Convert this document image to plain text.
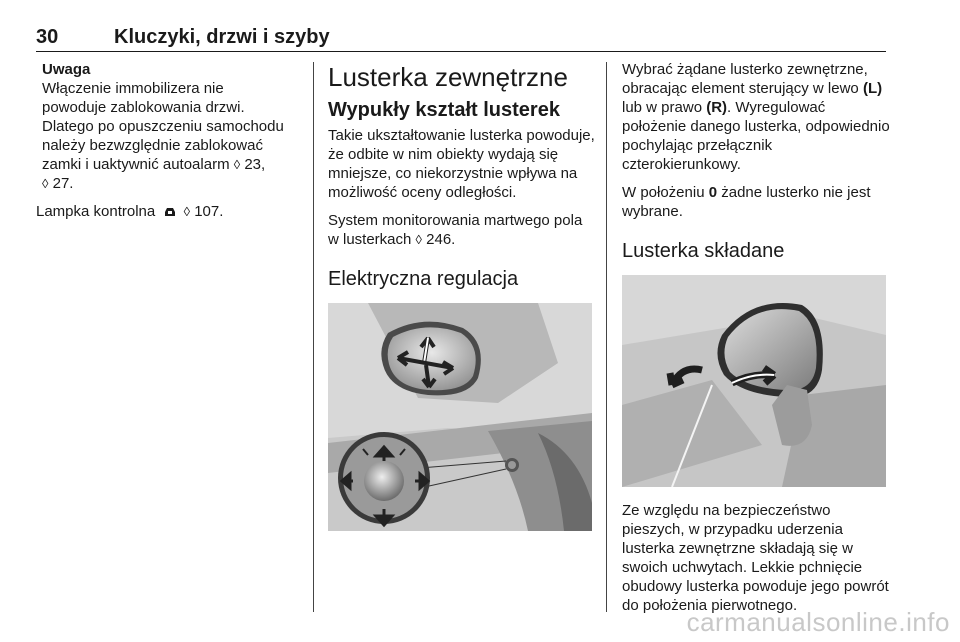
30	Kluczyki, drzwi i szyby
Uwaga
Włączenie immobilizera nie
powoduje zablokowania drzwi.
Dlatego po opuszczeniu samochodu
należy bezwzględnie zablokować
zamki i uaktywnić autoalarm ◊ 23,
◊ 27.

Lampka kontrolna ◊ 107.

Lusterka zewnętrzne
Wypukły kształt lusterek

Takie ukształtowanie lusterka powoduje, że odbite w nim obiekty wydają się mniejsze, co niekorzystnie wpływa na możliwość oceny odległości.

System monitorowania martwego pola w lusterkach ◊ 246.

Elektryczna regulacja

Wybrać żądane lusterko zewnętrzne, obracając element sterujący w lewo (L) lub w prawo (R). Wyregulować położenie danego lusterka, odpowiednio pochylając przełącznik czterokierunkowy.

W położeniu 0 żadne lusterko nie jest wybrane.

Lusterka składane

Ze względu na bezpieczeństwo pieszych, w przypadku uderzenia lusterka zewnętrzne składają się w swoich uchwytach. Lekkie pchnięcie obudowy lusterka powoduje jego powrót do położenia pierwotnego.

carmanualsonline.info
